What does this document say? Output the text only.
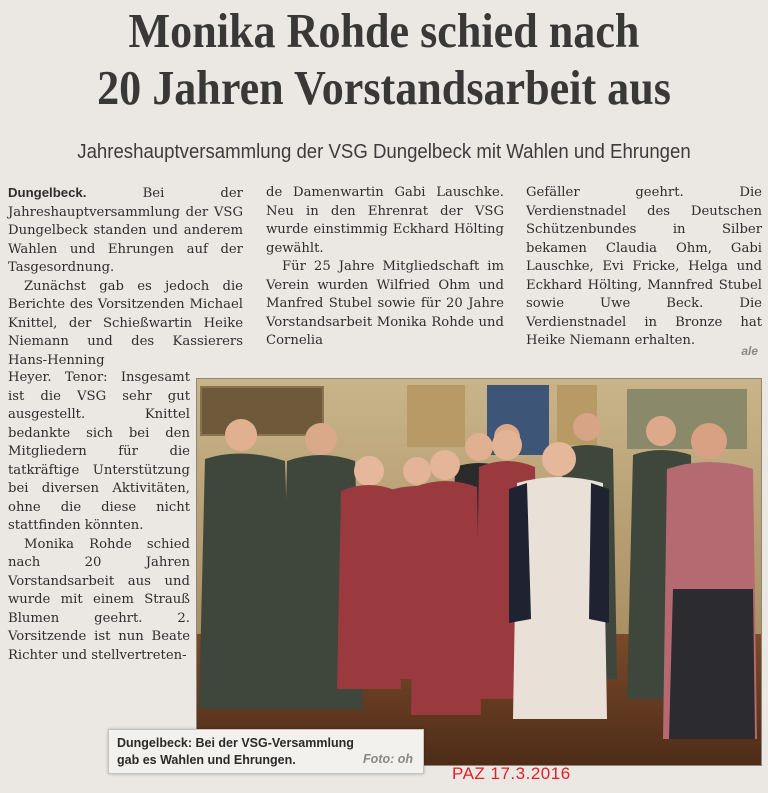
Monika Rohde schied nach
20 Jahren Vorstandsarbeit aus
Jahreshauptversammlung der VSG Dungelbeck mit Wahlen und Ehrungen

Dungelbeck.	Bei der Jahreshauptversammlung der VSG Dungelbeck standen und anderem Wahlen und Ehrungen auf der Tasgesordnung.

Zunächst gab es jedoch die Berichte des Vorsitzenden Michael Knittel, der Schießwartin Heike Niemann und des Kassierers Hans-Henning

Heyer. Tenor: Insgesamt ist die VSG sehr gut ausgestellt. Knittel bedankte sich bei den Mitgliedern für die tatkräftige Unterstützung bei diversen Aktivitäten, ohne die diese nicht stattfinden könnten.

Monika Rohde schied nach 20 Jahren Vorstandsarbeit aus und wurde mit einem Strauß Blumen geehrt. 2. Vorsitzende ist nun Beate Richter und stellvertreten-

de Damenwartin Gabi Lauschke. Neu in den Ehrenrat der VSG wurde einstimmig Eckhard Hölting gewählt.

Für 25 Jahre Mitgliedschaft im Verein wurden Wilfried Ohm und Manfred Stubel sowie für 20 Jahre Vorstandsarbeit Monika Rohde und Cornelia

Gefäller geehrt. Die Verdienstnadel des Deutschen Schützenbundes in Silber bekamen Claudia Ohm, Gabi Lauschke, Evi Fricke, Helga und Eckhard Hölting, Mannfred Stubel sowie Uwe Beck. Die Verdienstnadel in Bronze hat Heike Niemann erhalten.

ale
Dungelbeck: Bei der VSG-Versammlung
gab es Wahlen und Ehrungen.	Foto: oh
PAZ 17.3.2016
